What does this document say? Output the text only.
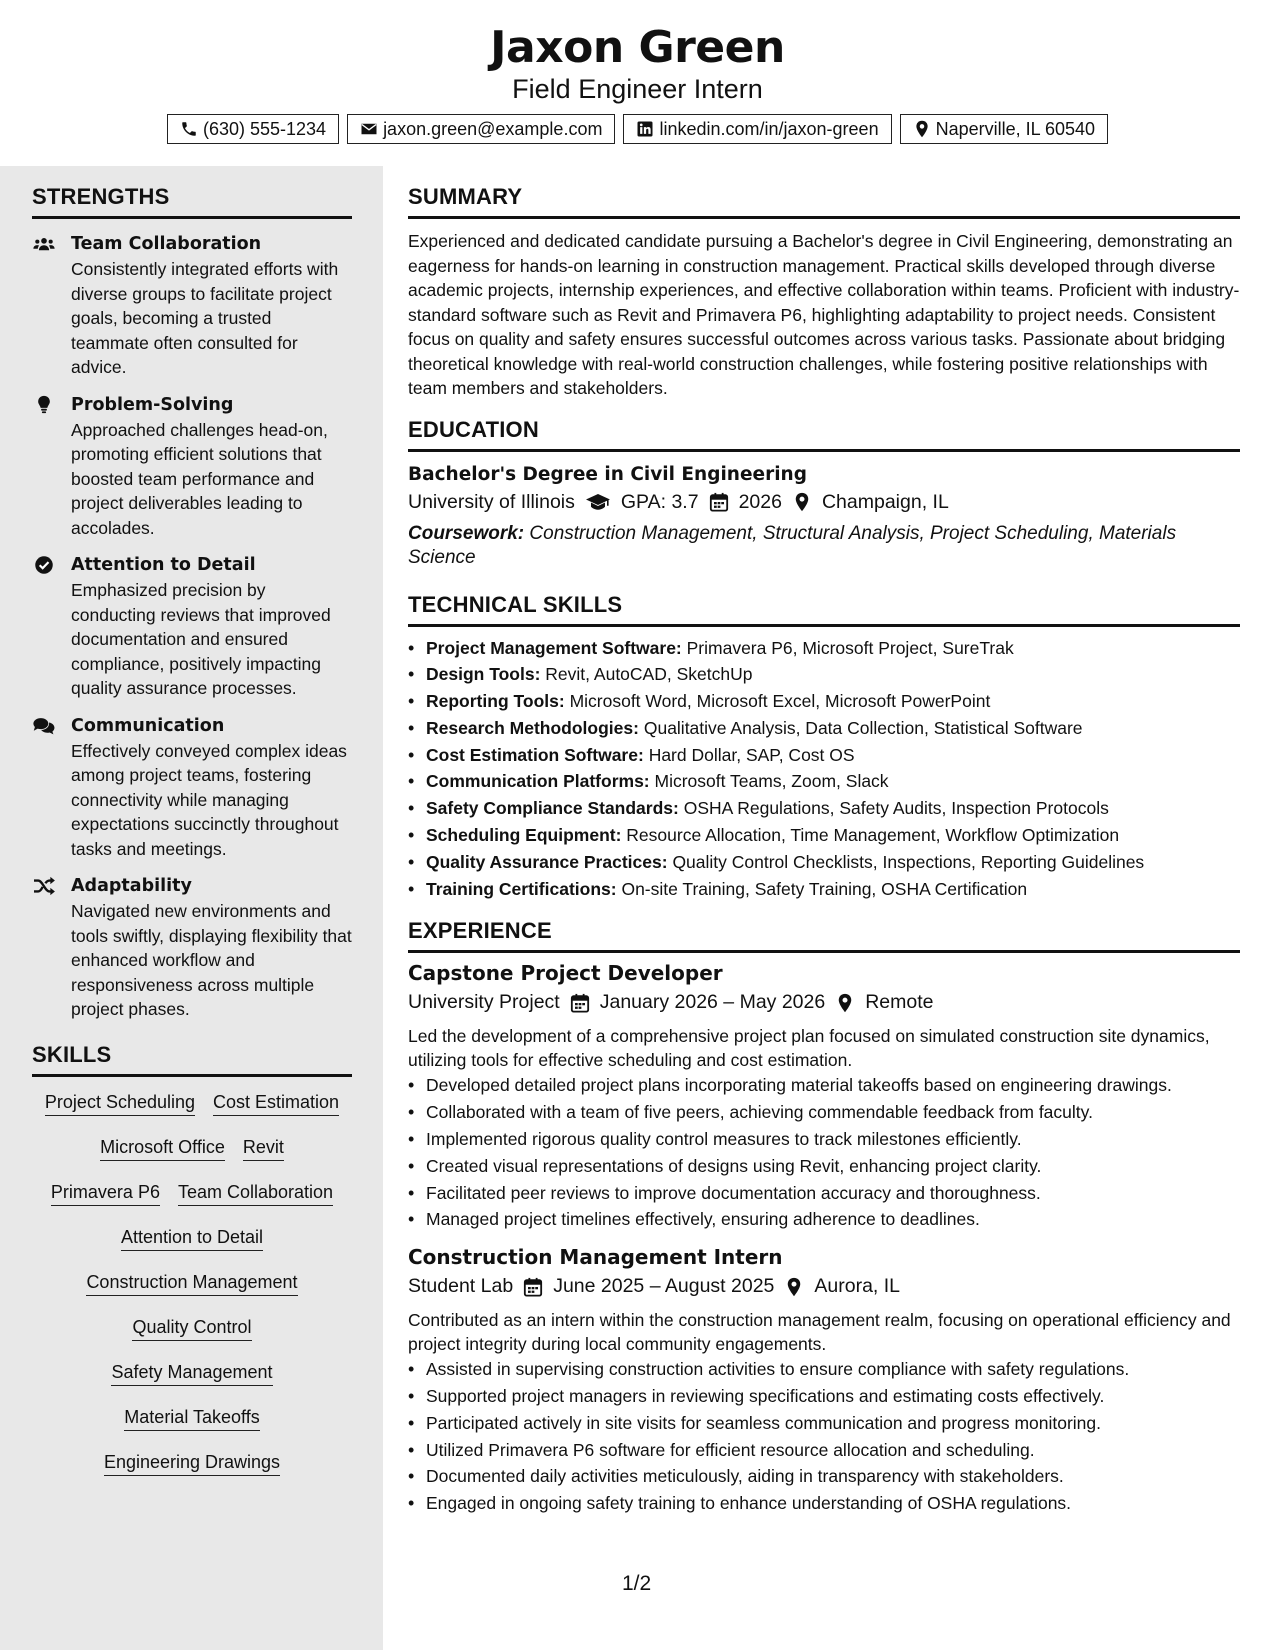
Jaxon Green
Field Engineer Intern
(630) 555-1234	jaxon.green@example.com	linkedin.com/in/jaxon-green	Naperville, IL 60540
STRENGTHS
Team Collaboration
Consistently integrated efforts with diverse groups to facilitate project goals, becoming a trusted teammate often consulted for advice.
Problem-Solving
Approached challenges head-on, promoting efficient solutions that boosted team performance and project deliverables leading to accolades.
Attention to Detail
Emphasized precision by conducting reviews that improved documentation and ensured compliance, positively impacting quality assurance processes.
Communication
Effectively conveyed complex ideas among project teams, fostering connectivity while managing expectations succinctly throughout tasks and meetings.
Adaptability
Navigated new environments and tools swiftly, displaying flexibility that enhanced workflow and responsiveness across multiple project phases.
SKILLS
Project Scheduling Cost Estimation
Microsoft Office Revit
Primavera P6 Team Collaboration
Attention to Detail
Construction Management
Quality Control
Safety Management
Material Takeoffs
Engineering Drawings
SUMMARY
Experienced and dedicated candidate pursuing a Bachelor's degree in Civil Engineering, demonstrating an eagerness for hands-on learning in construction management. Practical skills developed through diverse academic projects, internship experiences, and effective collaboration within teams. Proficient with industry-standard software such as Revit and Primavera P6, highlighting adaptability to project needs. Consistent focus on quality and safety ensures successful outcomes across various tasks. Passionate about bridging theoretical knowledge with real-world construction challenges, while fostering positive relationships with team members and stakeholders.
EDUCATION
Bachelor's Degree in Civil Engineering
University of Illinois GPA: 3.7 2026 Champaign, IL
Coursework: Construction Management, Structural Analysis, Project Scheduling, Materials Science
TECHNICAL SKILLS
• Project Management Software: Primavera P6, Microsoft Project, SureTrak
• Design Tools: Revit, AutoCAD, SketchUp
• Reporting Tools: Microsoft Word, Microsoft Excel, Microsoft PowerPoint
• Research Methodologies: Qualitative Analysis, Data Collection, Statistical Software
• Cost Estimation Software: Hard Dollar, SAP, Cost OS
• Communication Platforms: Microsoft Teams, Zoom, Slack
• Safety Compliance Standards: OSHA Regulations, Safety Audits, Inspection Protocols
• Scheduling Equipment: Resource Allocation, Time Management, Workflow Optimization
• Quality Assurance Practices: Quality Control Checklists, Inspections, Reporting Guidelines
• Training Certifications: On-site Training, Safety Training, OSHA Certification
EXPERIENCE
Capstone Project Developer
University Project January 2026 – May 2026 Remote
Led the development of a comprehensive project plan focused on simulated construction site dynamics, utilizing tools for effective scheduling and cost estimation.
• Developed detailed project plans incorporating material takeoffs based on engineering drawings.
• Collaborated with a team of five peers, achieving commendable feedback from faculty.
• Implemented rigorous quality control measures to track milestones efficiently.
• Created visual representations of designs using Revit, enhancing project clarity.
• Facilitated peer reviews to improve documentation accuracy and thoroughness.
• Managed project timelines effectively, ensuring adherence to deadlines.
Construction Management Intern
Student Lab June 2025 – August 2025 Aurora, IL
Contributed as an intern within the construction management realm, focusing on operational efficiency and project integrity during local community engagements.
• Assisted in supervising construction activities to ensure compliance with safety regulations.
• Supported project managers in reviewing specifications and estimating costs effectively.
• Participated actively in site visits for seamless communication and progress monitoring.
• Utilized Primavera P6 software for efficient resource allocation and scheduling.
• Documented daily activities meticulously, aiding in transparency with stakeholders.
• Engaged in ongoing safety training to enhance understanding of OSHA regulations.
1/2
